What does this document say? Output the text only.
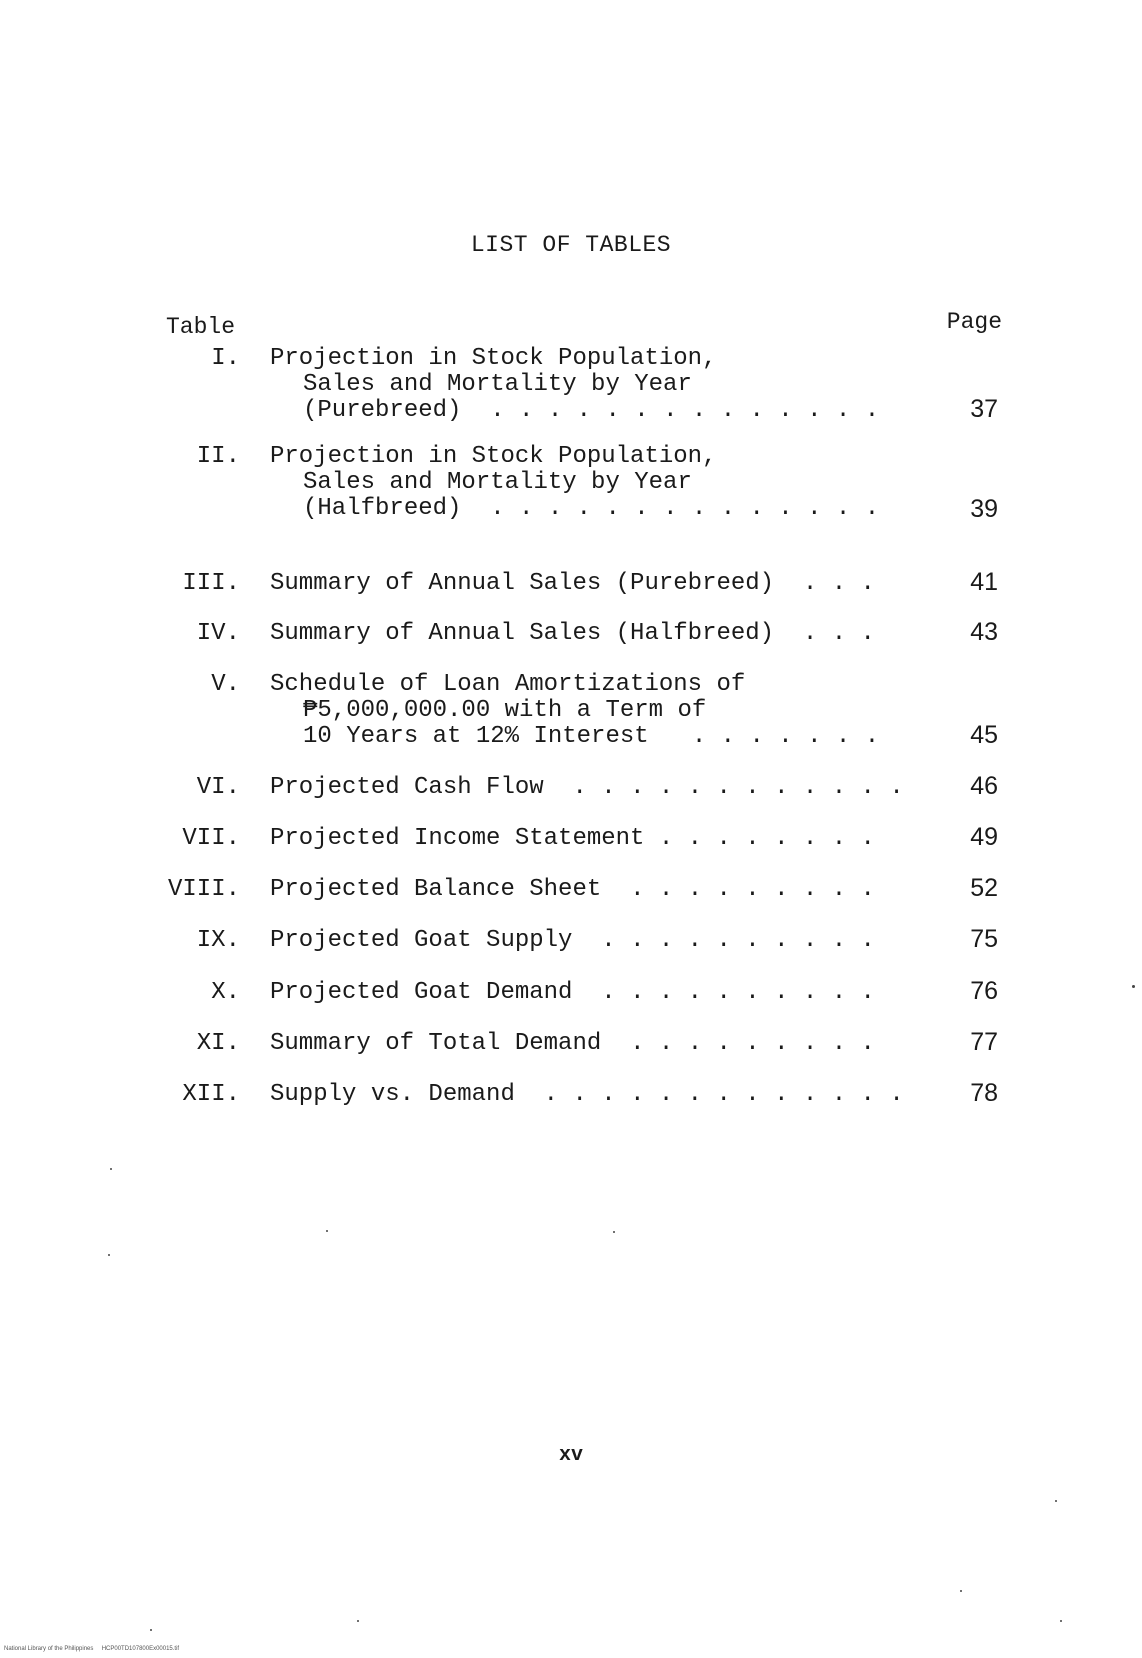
LIST OF TABLES
Table	Page
I. Projection in Stock Population,
Sales and Mortality by Year
(Purebreed) . . . . . . . . . . . . . .	37
II. Projection in Stock Population,
Sales and Mortality by Year
(Halfbreed) . . . . . . . . . . . . . .	39
III. Summary of Annual Sales (Purebreed) . . .	41
IV. Summary of Annual Sales (Halfbreed) . . .	43
V. Schedule of Loan Amortizations of
₱5,000,000.00 with a Term of
10 Years at 12% Interest . . . . . . .	45
VI. Projected Cash Flow . . . . . . . . . . . .	46
VII. Projected Income Statement . . . . . . . .	49
VIII. Projected Balance Sheet . . . . . . . . .	52
IX. Projected Goat Supply . . . . . . . . . .	75
X. Projected Goat Demand . . . . . . . . . .	76
XI. Summary of Total Demand . . . . . . . . .	77
XII. Supply vs. Demand . . . . . . . . . . . . .	78
xv
National Library of the Philippines     HCP00TD107800Ex00015.tif
